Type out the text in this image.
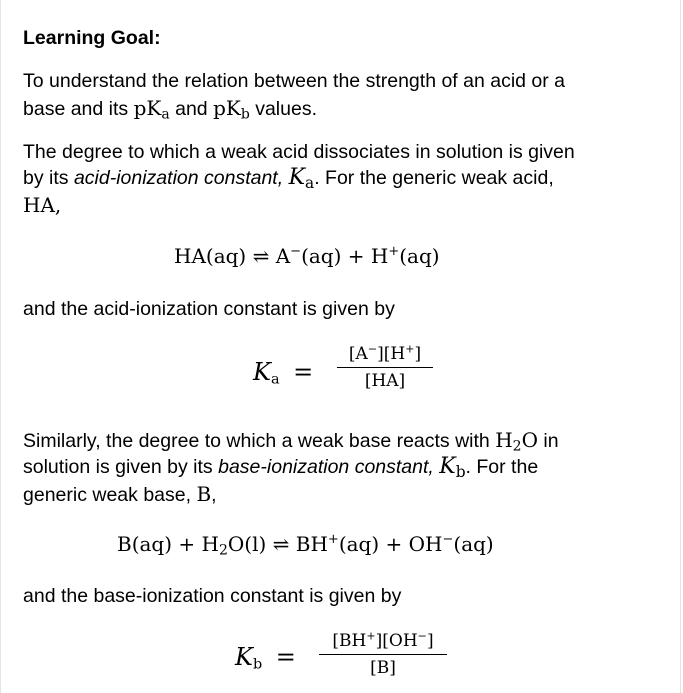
Learning Goal:
To understand the relation between the strength of an acid or a
base and its $pK_a$ and $pK_b$ values.
The degree to which a weak acid dissociates in solution is given
by its acid-ionization constant, $K_a$. For the generic weak acid,
HA,
HA(aq) ⇌ A−(aq) + H+(aq)
and the acid-ionization constant is given by
$K_a$ =
[A−][H+]
[HA]
Similarly, the degree to which a weak base reacts with $H_2O$ in
solution is given by its base-ionization constant, $K_b$. For the
generic weak base, B,
$B(aq) + H_2O(l)$ ⇌ BH+(aq) + OH−(aq)
and the base-ionization constant is given by
$K_b$ =
[BH+][OH−]
[B]
